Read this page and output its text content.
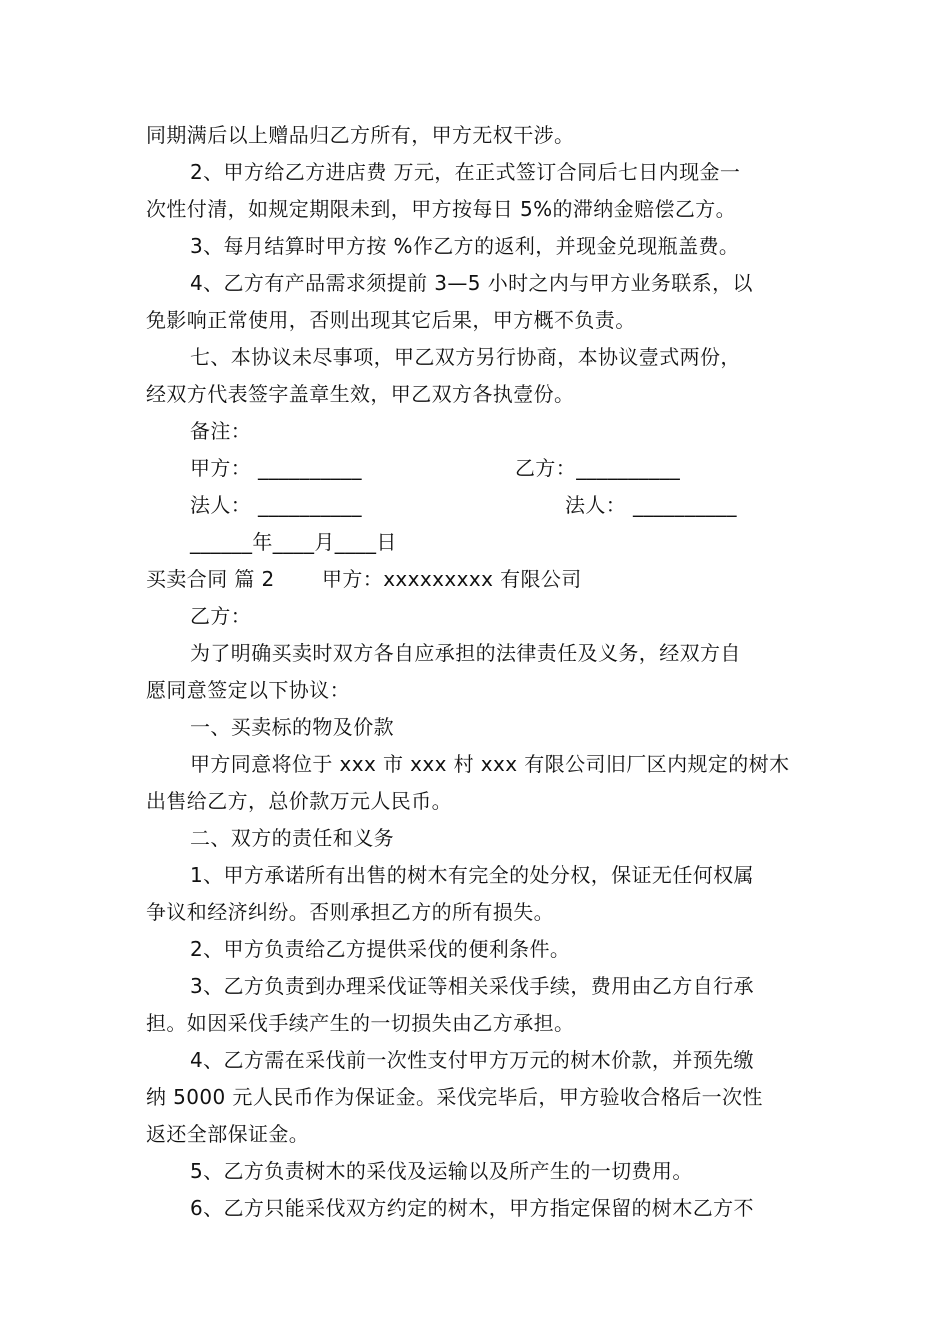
同期满后以上赠品归乙方所有，甲方无权干涉。
2、甲方给乙方进店费 万元，在正式签订合同后七日内现金一
次性付清，如规定期限未到，甲方按每日 5%的滞纳金赔偿乙方。
3、每月结算时甲方按 %作乙方的返利，并现金兑现瓶盖费。
4、乙方有产品需求须提前 3—5 小时之内与甲方业务联系，以
免影响正常使用，否则出现其它后果，甲方概不负责。
七、本协议未尽事项，甲乙双方另行协商，本协议壹式两份，
经双方代表签字盖章生效，甲乙双方各执壹份。
备注：
甲方： __________	乙方：__________
法人： __________	法人： __________
______年____月____日
买卖合同 篇 2 甲方：xxxxxxxxx 有限公司
乙方：
为了明确买卖时双方各自应承担的法律责任及义务，经双方自
愿同意签定以下协议：
一、买卖标的物及价款
甲方同意将位于 xxx 市 xxx 村 xxx 有限公司旧厂区内规定的树木
出售给乙方，总价款万元人民币。
二、双方的责任和义务
1、甲方承诺所有出售的树木有完全的处分权，保证无任何权属
争议和经济纠纷。否则承担乙方的所有损失。
2、甲方负责给乙方提供采伐的便利条件。
3、乙方负责到办理采伐证等相关采伐手续，费用由乙方自行承
担。如因采伐手续产生的一切损失由乙方承担。
4、乙方需在采伐前一次性支付甲方万元的树木价款，并预先缴
纳 5000 元人民币作为保证金。采伐完毕后，甲方验收合格后一次性
返还全部保证金。
5、乙方负责树木的采伐及运输以及所产生的一切费用。
6、乙方只能采伐双方约定的树木，甲方指定保留的树木乙方不
